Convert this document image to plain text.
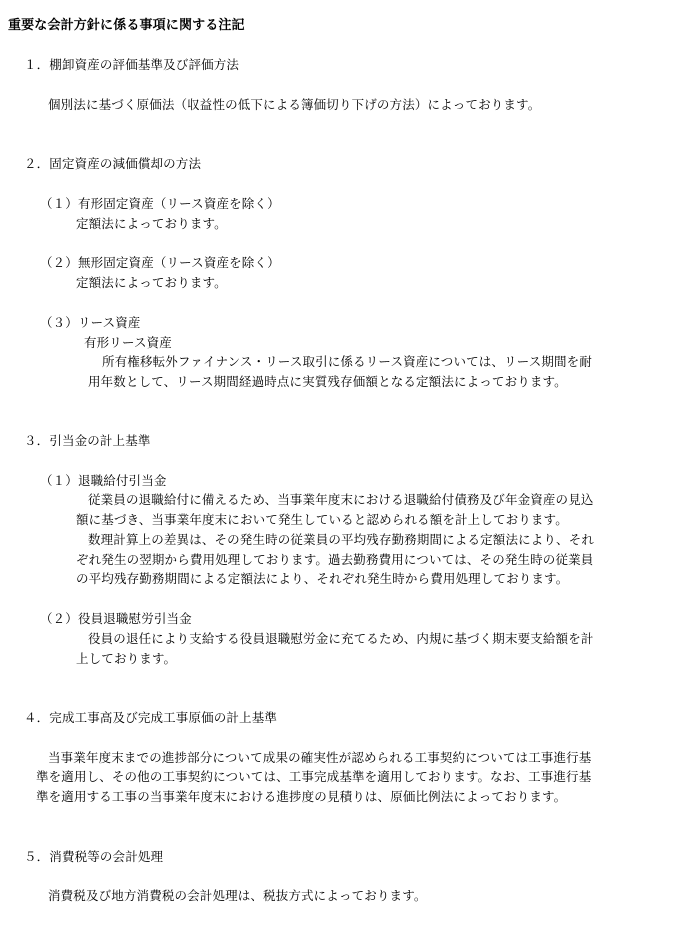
重要な会計方針に係る事項に関する注記
１．棚卸資産の評価基準及び評価方法
個別法に基づく原価法（収益性の低下による簿価切り下げの方法）によっております。
２．固定資産の減価償却の方法
（１）有形固定資産（リース資産を除く）
定額法によっております。
（２）無形固定資産（リース資産を除く）
定額法によっております。
（３）リース資産
有形リース資産
所有権移転外ファイナンス・リース取引に係るリース資産については、リース期間を耐
用年数として、リース期間経過時点に実質残存価額となる定額法によっております。
３．引当金の計上基準
（１）退職給付引当金
従業員の退職給付に備えるため、当事業年度末における退職給付債務及び年金資産の見込
額に基づき、当事業年度末において発生していると認められる額を計上しております。
数理計算上の差異は、その発生時の従業員の平均残存勤務期間による定額法により、それ
ぞれ発生の翌期から費用処理しております。過去勤務費用については、その発生時の従業員
の平均残存勤務期間による定額法により、それぞれ発生時から費用処理しております。
（２）役員退職慰労引当金
役員の退任により支給する役員退職慰労金に充てるため、内規に基づく期末要支給額を計
上しております。
４．完成工事高及び完成工事原価の計上基準
当事業年度末までの進捗部分について成果の確実性が認められる工事契約については工事進行基
準を適用し、その他の工事契約については、工事完成基準を適用しております。なお、工事進行基
準を適用する工事の当事業年度末における進捗度の見積りは、原価比例法によっております。
５．消費税等の会計処理
消費税及び地方消費税の会計処理は、税抜方式によっております。
